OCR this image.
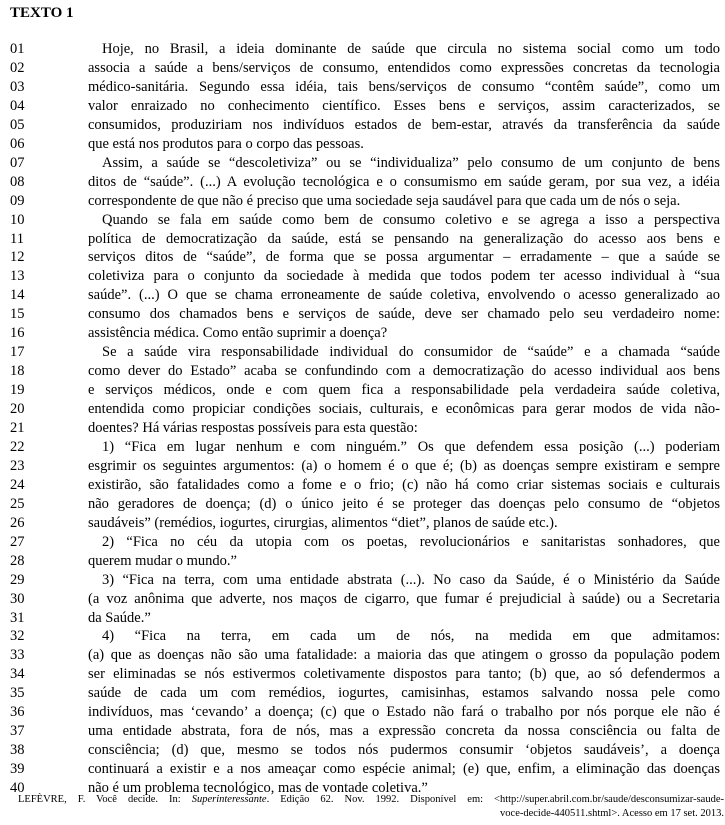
TEXTO 1
01	Hoje, no Brasil, a ideia dominante de saúde que circula no sistema social como um todo
02	associa a saúde a bens/serviços de consumo, entendidos como expressões concretas da tecnologia
03	médico-sanitária. Segundo essa idéia, tais bens/serviços de consumo “contêm saúde”, como um
04	valor enraizado no conhecimento científico. Esses bens e serviços, assim caracterizados, se
05	consumidos, produziriam nos indivíduos estados de bem-estar, através da transferência da saúde
06	que está nos produtos para o corpo das pessoas.
07	Assim, a saúde se “descoletiviza” ou se “individualiza” pelo consumo de um conjunto de bens
08	ditos de “saúde”. (...) A evolução tecnológica e o consumismo em saúde geram, por sua vez, a idéia
09	correspondente de que não é preciso que uma sociedade seja saudável para que cada um de nós o seja.
10	Quando se fala em saúde como bem de consumo coletivo e se agrega a isso a perspectiva
11	política de democratização da saúde, está se pensando na generalização do acesso aos bens e
12	serviços ditos de “saúde”, de forma que se possa argumentar – erradamente – que a saúde se
13	coletiviza para o conjunto da sociedade à medida que todos podem ter acesso individual à “sua
14	saúde”. (...) O que se chama erroneamente de saúde coletiva, envolvendo o acesso generalizado ao
15	consumo dos chamados bens e serviços de saúde, deve ser chamado pelo seu verdadeiro nome:
16	assistência médica. Como então suprimir a doença?
17	Se a saúde vira responsabilidade individual do consumidor de “saúde” e a chamada “saúde
18	como dever do Estado” acaba se confundindo com a democratização do acesso individual aos bens
19	e serviços médicos, onde e com quem fica a responsabilidade pela verdadeira saúde coletiva,
20	entendida como propiciar condições sociais, culturais, e econômicas para gerar modos de vida não-
21	doentes? Há várias respostas possíveis para esta questão:
22	1) “Fica em lugar nenhum e com ninguém.” Os que defendem essa posição (...) poderiam
23	esgrimir os seguintes argumentos: (a) o homem é o que é; (b) as doenças sempre existiram e sempre
24	existirão, são fatalidades como a fome e o frio; (c) não há como criar sistemas sociais e culturais
25	não geradores de doença; (d) o único jeito é se proteger das doenças pelo consumo de “objetos
26	saudáveis” (remédios, iogurtes, cirurgias, alimentos “diet”, planos de saúde etc.).
27	2) “Fica no céu da utopia com os poetas, revolucionários e sanitaristas sonhadores, que
28	querem mudar o mundo.”
29	3) “Fica na terra, com uma entidade abstrata (...). No caso da Saúde, é o Ministério da Saúde
30	(a voz anônima que adverte, nos maços de cigarro, que fumar é prejudicial à saúde) ou a Secretaria
31	da Saúde.”
32	4) “Fica na terra, em cada um de nós, na medida em que admitamos:
33	(a) que as doenças não são uma fatalidade: a maioria das que atingem o grosso da população podem
34	ser eliminadas se nós estivermos coletivamente dispostos para tanto; (b) que, ao só defendermos a
35	saúde de cada um com remédios, iogurtes, camisinhas, estamos salvando nossa pele como
36	indivíduos, mas ‘cevando’ a doença; (c) que o Estado não fará o trabalho por nós porque ele não é
37	uma entidade abstrata, fora de nós, mas a expressão concreta da nossa consciência ou falta de
38	consciência; (d) que, mesmo se todos nós pudermos consumir ‘objetos saudáveis’, a doença
39	continuará a existir e a nos ameaçar como espécie animal; (e) que, enfim, a eliminação das doenças
40	não é um problema tecnológico, mas de vontade coletiva.”
LEFÈVRE, F. Você decide. In: Superinteressante. Edição 62. Nov. 1992. Disponível em: <http://super.abril.com.br/saude/desconsumizar-saude-
voce-decide-440511.shtml>. Acesso em 17 set. 2013.
